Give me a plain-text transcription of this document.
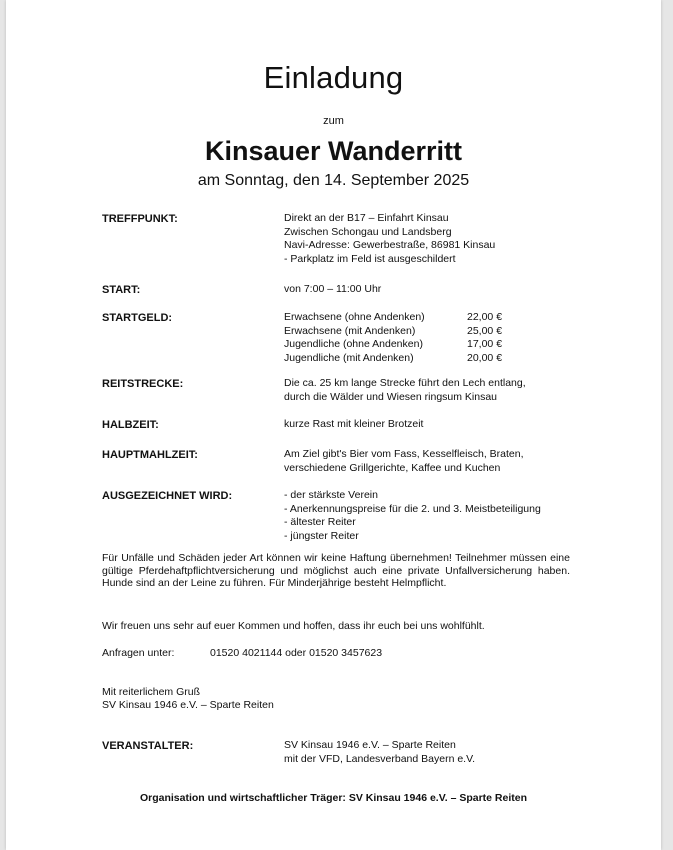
Einladung
zum
Kinsauer Wanderritt
am Sonntag, den 14. September 2025
TREFFPUNKT:	Direkt an der B17 – Einfahrt Kinsau
Zwischen Schongau und Landsberg
Navi-Adresse: Gewerbestraße, 86981 Kinsau
- Parkplatz im Feld ist ausgeschildert
START:	von 7:00 – 11:00 Uhr
STARTGELD:	Erwachsene (ohne Andenken)	22,00 €
Erwachsene (mit Andenken)	25,00 €
Jugendliche (ohne Andenken)	17,00 €
Jugendliche (mit Andenken)	20,00 €
REITSTRECKE:	Die ca. 25 km lange Strecke führt den Lech entlang,
durch die Wälder und Wiesen ringsum Kinsau
HALBZEIT:	kurze Rast mit kleiner Brotzeit
HAUPTMAHLZEIT:	Am Ziel gibt's Bier vom Fass, Kesselfleisch, Braten,
verschiedene Grillgerichte, Kaffee und Kuchen
AUSGEZEICHNET WIRD:	- der stärkste Verein
- Anerkennungspreise für die 2. und 3. Meistbeteiligung
- ältester Reiter
- jüngster Reiter
Für Unfälle und Schäden jeder Art können wir keine Haftung übernehmen! Teilnehmer müssen eine gültige Pferdehaftpflichtversicherung und möglichst auch eine private Unfallversicherung haben. Hunde sind an der Leine zu führen. Für Minderjährige besteht Helmpflicht.
Wir freuen uns sehr auf euer Kommen und hoffen, dass ihr euch bei uns wohlfühlt.
Anfragen unter:	01520 4021144 oder 01520 3457623
Mit reiterlichem Gruß
SV Kinsau 1946 e.V. – Sparte Reiten
VERANSTALTER:	SV Kinsau 1946 e.V. – Sparte Reiten
mit der VFD, Landesverband Bayern e.V.
Organisation und wirtschaftlicher Träger: SV Kinsau 1946 e.V. – Sparte Reiten
